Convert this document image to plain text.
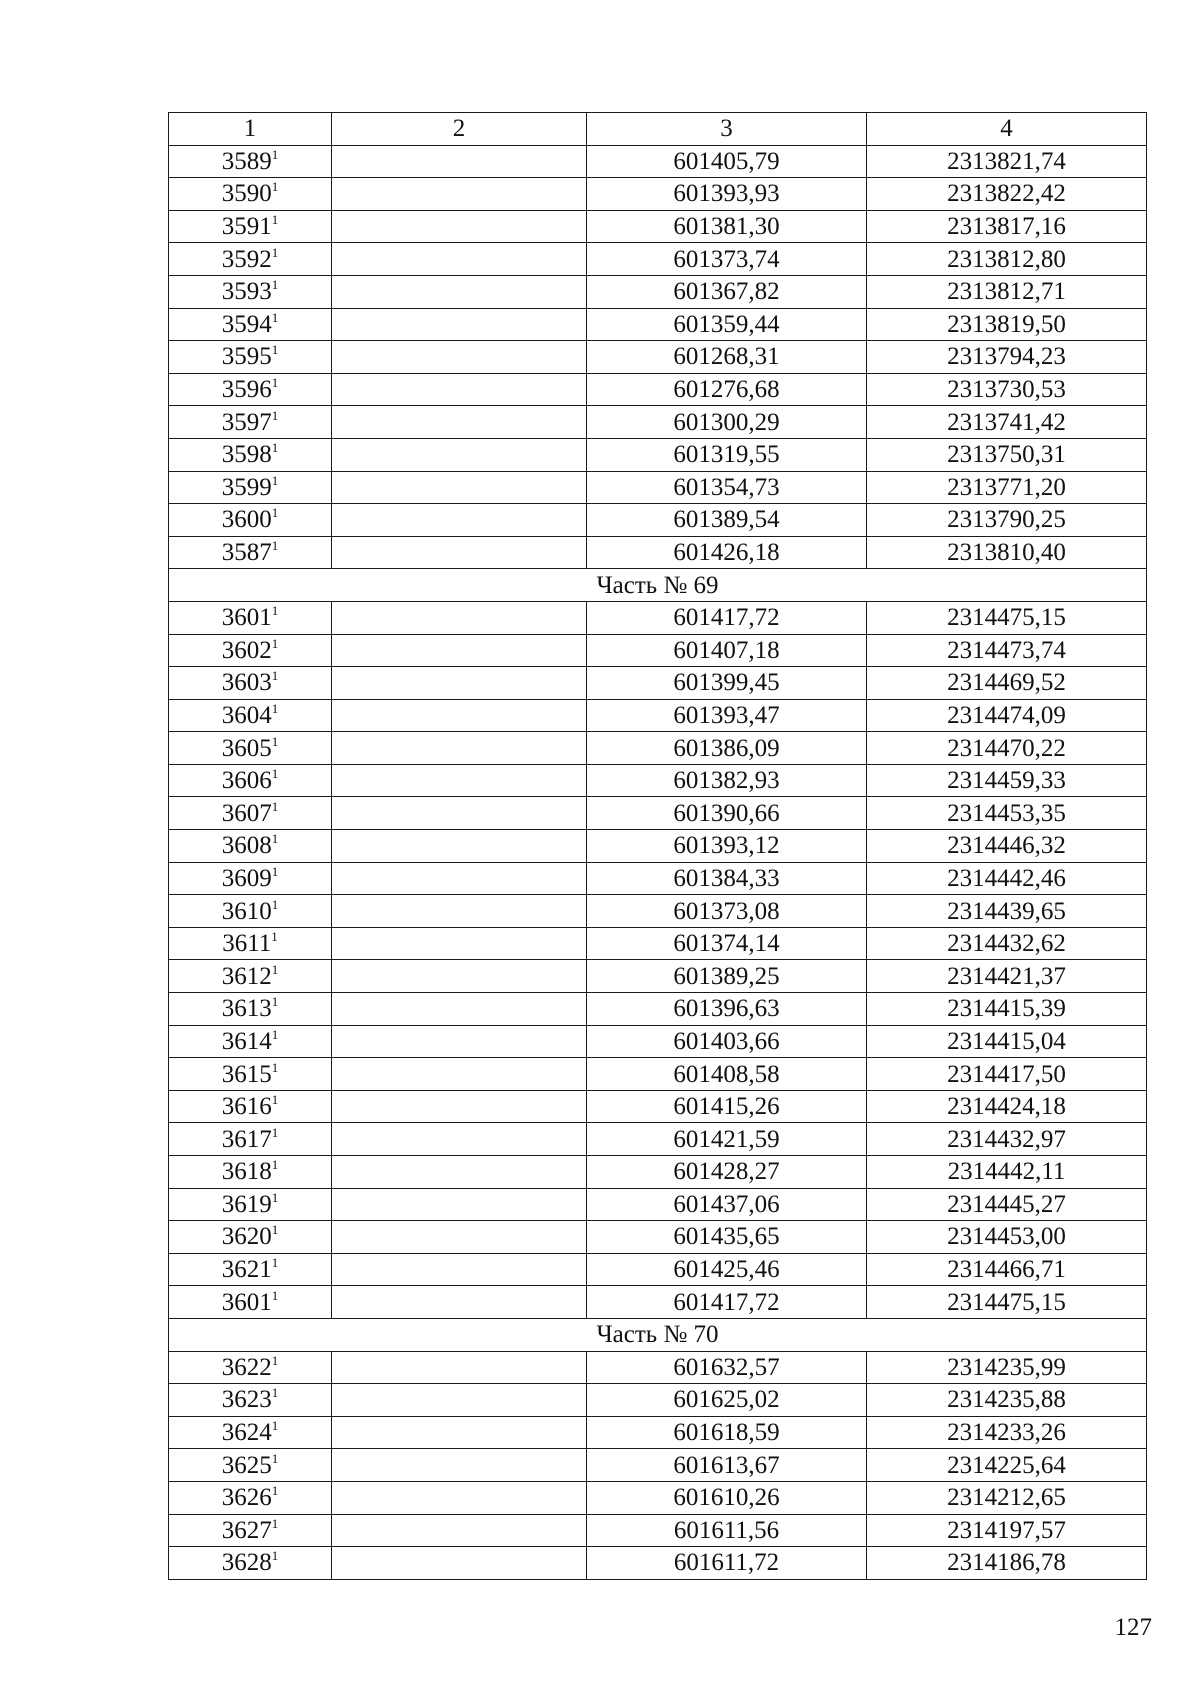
1	2	3	4
3589$^1$		601405,79	2313821,74
3590$^1$		601393,93	2313822,42
3591$^1$		601381,30	2313817,16
3592$^1$		601373,74	2313812,80
3593$^1$		601367,82	2313812,71
3594$^1$		601359,44	2313819,50
3595$^1$		601268,31	2313794,23
3596$^1$		601276,68	2313730,53
3597$^1$		601300,29	2313741,42
3598$^1$		601319,55	2313750,31
3599$^1$		601354,73	2313771,20
3600$^1$		601389,54	2313790,25
3587$^1$		601426,18	2313810,40
Часть № 69			
3601$^1$		601417,72	2314475,15
3602$^1$		601407,18	2314473,74
3603$^1$		601399,45	2314469,52
3604$^1$		601393,47	2314474,09
3605$^1$		601386,09	2314470,22
3606$^1$		601382,93	2314459,33
3607$^1$		601390,66	2314453,35
3608$^1$		601393,12	2314446,32
3609$^1$		601384,33	2314442,46
3610$^1$		601373,08	2314439,65
3611$^1$		601374,14	2314432,62
3612$^1$		601389,25	2314421,37
3613$^1$		601396,63	2314415,39
3614$^1$		601403,66	2314415,04
3615$^1$		601408,58	2314417,50
3616$^1$		601415,26	2314424,18
3617$^1$		601421,59	2314432,97
3618$^1$		601428,27	2314442,11
3619$^1$		601437,06	2314445,27
3620$^1$		601435,65	2314453,00
3621$^1$		601425,46	2314466,71
3601$^1$		601417,72	2314475,15
Часть № 70			
3622$^1$		601632,57	2314235,99
3623$^1$		601625,02	2314235,88
3624$^1$		601618,59	2314233,26
3625$^1$		601613,67	2314225,64
3626$^1$		601610,26	2314212,65
3627$^1$		601611,56	2314197,57
3628$^1$		601611,72	2314186,78
127
